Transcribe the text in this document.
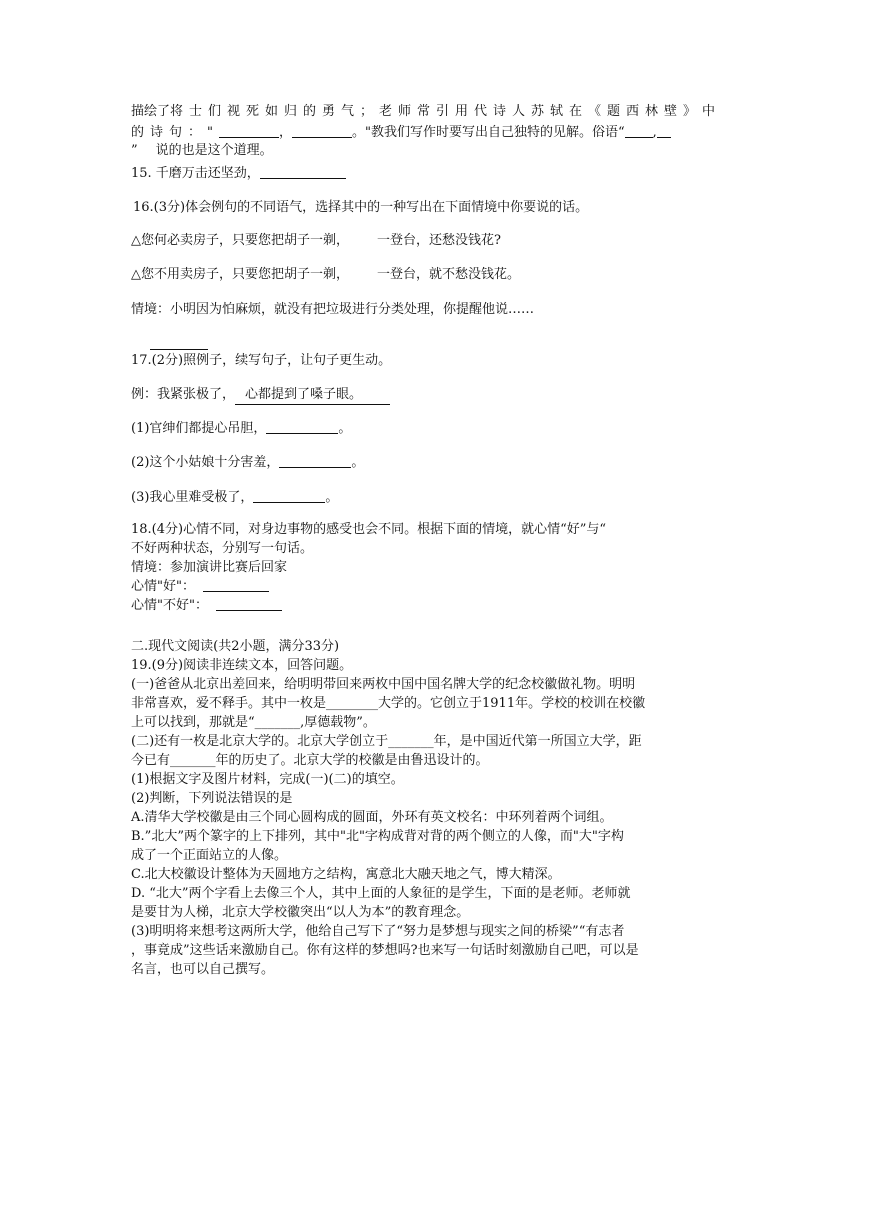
描绘了将 士们视死如归的勇气；老师常引用代诗人苏轼在《题西林壁》中
的诗句："	，	。"教我们写作时要写出自己独特的见解。俗语“ ,
” 说的也是这个道理。
15. 千磨万击还坚劲，
16.(3分)体会例句的不同语气，选择其中的一种写出在下面情境中你要说的话。
△您何必卖房子，只要您把胡子一剃， 一登台，还愁没钱花?
△您不用卖房子，只要您把胡子一剃， 一登台，就不愁没钱花。
情境：小明因为怕麻烦，就没有把垃圾进行分类处理，你提醒他说……
17.(2分)照例子，续写句子，让句子更生动。
例：我紧张极了， 心都提到了嗓子眼。
(1)官绅们都提心吊胆，	。
(2)这个小姑娘十分害羞，	。
(3)我心里难受极了，	。
18.(4分)心情不同，对身边事物的感受也会不同。根据下面的情境，就心情“好”与“
不好两种状态，分别写一句话。
情境：参加演讲比赛后回家
心情"好"：
心情"不好"：
二.现代文阅读(共2小题，满分33分)
19.(9分)阅读非连续文本，回答问题。
(一)爸爸从北京出差回来，给明明带回来两枚中国中国名牌大学的纪念校徽做礼物。明明
非常喜欢，爱不释手。其中一枚是________大学的。它创立于1911年。学校的校训在校徽
上可以找到，那就是“_______,厚德载物”。
(二)还有一枚是北京大学的。北京大学创立于_______年，是中国近代第一所国立大学，距
今已有_______年的历史了。北京大学的校徽是由鲁迅设计的。
(1)根据文字及图片材料，完成(一)(二)的填空。
(2)判断，下列说法错误的是
A.清华大学校徽是由三个同心圆构成的圆面，外环有英文校名：中环列着两个词组。
B.”北大”两个篆字的上下排列，其中"北"字构成背对背的两个侧立的人像，而"大"字构
成了一个正面站立的人像。
C.北大校徽设计整体为天圆地方之结构，寓意北大融天地之气，博大精深。
D. “北大”两个字看上去像三个人，其中上面的人象征的是学生，下面的是老师。老师就
是要甘为人梯，北京大学校徽突出“以人为本”的教育理念。
(3)明明将来想考这两所大学，他给自己写下了“努力是梦想与现实之间的桥梁”“有志者
，事竟成”这些话来激励自己。你有这样的梦想吗?也来写一句话时刻激励自己吧，可以是
名言，也可以自己撰写。
